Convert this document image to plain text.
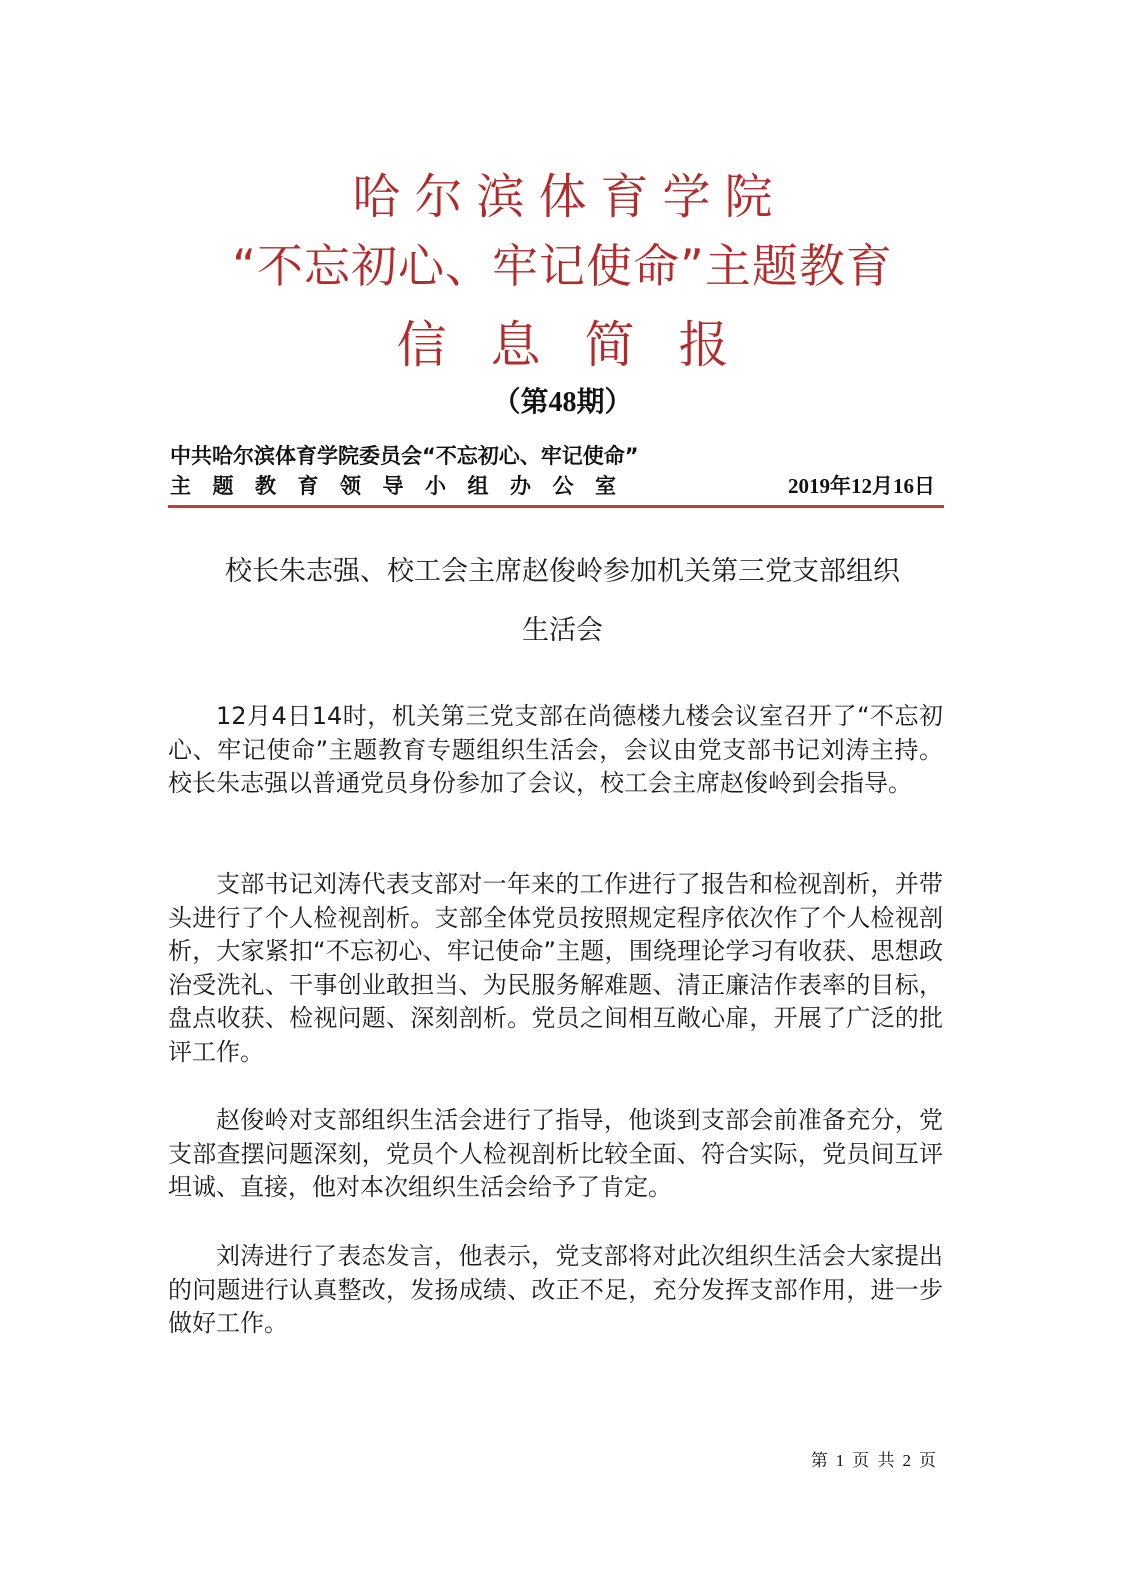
哈尔滨体育学院
“不忘初心、牢记使命”主题教育
信息简报
（第48期）
中共哈尔滨体育学院委员会“不忘初心、牢记使命”
主题教育领导小组办公室	2019年12月16日
校长朱志强、校工会主席赵俊岭参加机关第三党支部组织
生活会
12月4日14时，机关第三党支部在尚德楼九楼会议室召开了“不忘初心、牢记使命”主题教育专题组织生活会，会议由党支部书记刘涛主持。校长朱志强以普通党员身份参加了会议，校工会主席赵俊岭到会指导。
支部书记刘涛代表支部对一年来的工作进行了报告和检视剖析，并带头进行了个人检视剖析。支部全体党员按照规定程序依次作了个人检视剖析，大家紧扣“不忘初心、牢记使命”主题，围绕理论学习有收获、思想政治受洗礼、干事创业敢担当、为民服务解难题、清正廉洁作表率的目标，盘点收获、检视问题、深刻剖析。党员之间相互敞心扉，开展了广泛的批评工作。
赵俊岭对支部组织生活会进行了指导，他谈到支部会前准备充分，党支部查摆问题深刻，党员个人检视剖析比较全面、符合实际，党员间互评坦诚、直接，他对本次组织生活会给予了肯定。
刘涛进行了表态发言，他表示，党支部将对此次组织生活会大家提出的问题进行认真整改，发扬成绩、改正不足，充分发挥支部作用，进一步做好工作。
第 1 页 共 2 页
